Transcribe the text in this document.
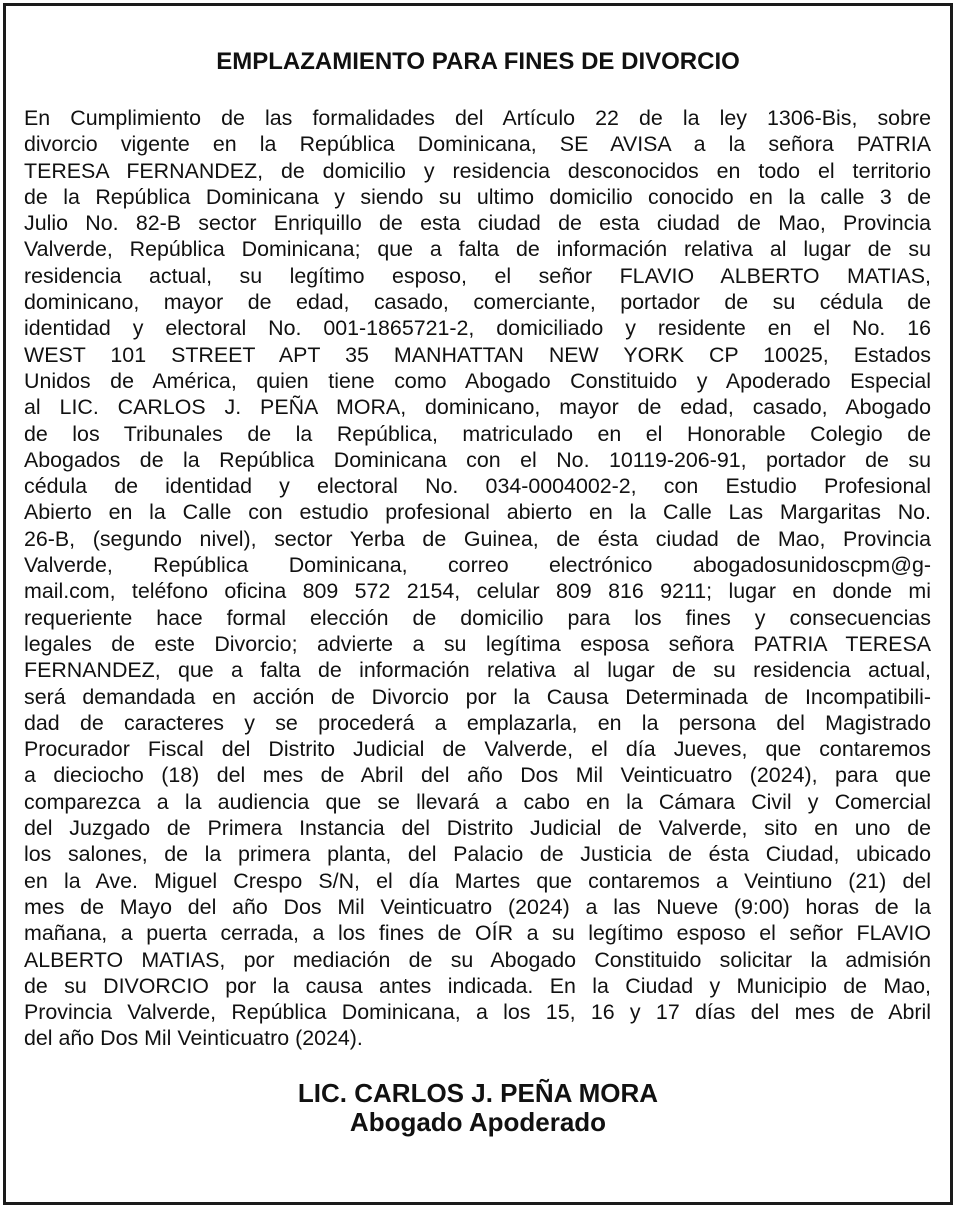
EMPLAZAMIENTO PARA FINES DE DIVORCIO
En Cumplimiento de las formalidades del Artículo 22 de la ley 1306-Bis, sobre
divorcio vigente en la República Dominicana, SE AVISA a la señora PATRIA
TERESA FERNANDEZ, de domicilio y residencia desconocidos en todo el territorio
de la República Dominicana y siendo su ultimo domicilio conocido en la calle 3 de
Julio No. 82-B sector Enriquillo de esta ciudad de esta ciudad de Mao, Provincia
Valverde, República Dominicana; que a falta de información relativa al lugar de su
residencia actual, su legítimo esposo, el señor FLAVIO ALBERTO MATIAS,
dominicano, mayor de edad, casado, comerciante, portador de su cédula de
identidad y electoral No. 001-1865721-2, domiciliado y residente en el No. 16
WEST 101 STREET APT 35 MANHATTAN NEW YORK CP 10025, Estados
Unidos de América, quien tiene como Abogado Constituido y Apoderado Especial
al LIC. CARLOS J. PEÑA MORA, dominicano, mayor de edad, casado, Abogado
de los Tribunales de la República, matriculado en el Honorable Colegio de
Abogados de la República Dominicana con el No. 10119-206-91, portador de su
cédula de identidad y electoral No. 034-0004002-2, con Estudio Profesional
Abierto en la Calle con estudio profesional abierto en la Calle Las Margaritas No.
26-B, (segundo nivel), sector Yerba de Guinea, de ésta ciudad de Mao, Provincia
Valverde, República Dominicana, correo electrónico abogadosunidoscpm@g-
mail.com, teléfono oficina 809 572 2154, celular 809 816 9211; lugar en donde mi
requeriente hace formal elección de domicilio para los fines y consecuencias
legales de este Divorcio; advierte a su legítima esposa señora PATRIA TERESA
FERNANDEZ, que a falta de información relativa al lugar de su residencia actual,
será demandada en acción de Divorcio por la Causa Determinada de Incompatibili-
dad de caracteres y se procederá a emplazarla, en la persona del Magistrado
Procurador Fiscal del Distrito Judicial de Valverde, el día Jueves, que contaremos
a dieciocho (18) del mes de Abril del año Dos Mil Veinticuatro (2024), para que
comparezca a la audiencia que se llevará a cabo en la Cámara Civil y Comercial
del Juzgado de Primera Instancia del Distrito Judicial de Valverde, sito en uno de
los salones, de la primera planta, del Palacio de Justicia de ésta Ciudad, ubicado
en la Ave. Miguel Crespo S/N, el día Martes que contaremos a Veintiuno (21) del
mes de Mayo del año Dos Mil Veinticuatro (2024) a las Nueve (9:00) horas de la
mañana, a puerta cerrada, a los fines de OÍR a su legítimo esposo el señor FLAVIO
ALBERTO MATIAS, por mediación de su Abogado Constituido solicitar la admisión
de su DIVORCIO por la causa antes indicada. En la Ciudad y Municipio de Mao,
Provincia Valverde, República Dominicana, a los 15, 16 y 17 días del mes de Abril
del año Dos Mil Veinticuatro (2024).
LIC. CARLOS J. PEÑA MORA
Abogado Apoderado
